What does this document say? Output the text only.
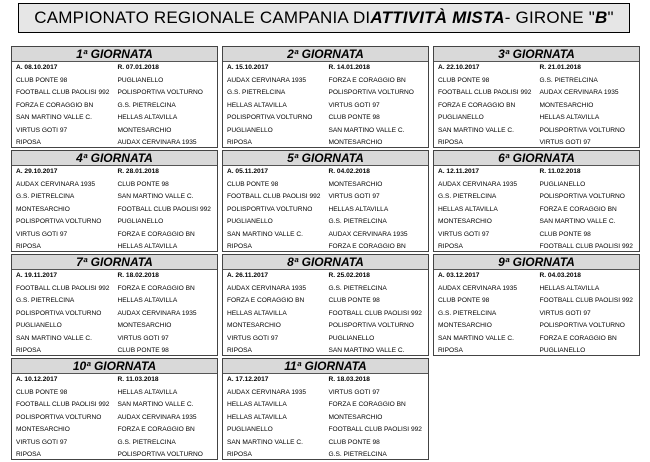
CAMPIONATO REGIONALE CAMPANIA DI ATTIVITÀ MISTA - GIRONE " B "
1ª GIORNATA
A. 08.10.2017	R. 07.01.2018
CLUB PONTE 98	PUGLIANELLO
FOOTBALL CLUB PAOLISI 992	POLISPORTIVA VOLTURNO
FORZA E CORAGGIO BN	G.S. PIETRELCINA
SAN MARTINO VALLE C.	HELLAS ALTAVILLA
VIRTUS GOTI 97	MONTESARCHIO
RIPOSA	AUDAX CERVINARA 1935
2ª GIORNATA
A. 15.10.2017	R. 14.01.2018
AUDAX CERVINARA 1935	FORZA E CORAGGIO BN
G.S. PIETRELCINA	POLISPORTIVA VOLTURNO
HELLAS ALTAVILLA	VIRTUS GOTI 97
POLISPORTIVA VOLTURNO	CLUB PONTE 98
PUGLIANELLO	SAN MARTINO VALLE C.
RIPOSA	MONTESARCHIO
3ª GIORNATA
A. 22.10.2017	R. 21.01.2018
CLUB PONTE 98	G.S. PIETRELCINA
FOOTBALL CLUB PAOLISI 992	AUDAX CERVINARA 1935
FORZA E CORAGGIO BN	MONTESARCHIO
PUGLIANELLO	HELLAS ALTAVILLA
SAN MARTINO VALLE C.	POLISPORTIVA VOLTURNO
RIPOSA	VIRTUS GOTI 97
4ª GIORNATA
A. 29.10.2017	R. 28.01.2018
AUDAX CERVINARA 1935	CLUB PONTE 98
G.S. PIETRELCINA	SAN MARTINO VALLE C.
MONTESARCHIO	FOOTBALL CLUB PAOLISI 992
POLISPORTIVA VOLTURNO	PUGLIANELLO
VIRTUS GOTI 97	FORZA E CORAGGIO BN
RIPOSA	HELLAS ALTAVILLA
5ª GIORNATA
A. 05.11.2017	R. 04.02.2018
CLUB PONTE 98	MONTESARCHIO
FOOTBALL CLUB PAOLISI 992	VIRTUS GOTI 97
POLISPORTIVA VOLTURNO	HELLAS ALTAVILLA
PUGLIANELLO	G.S. PIETRELCINA
SAN MARTINO VALLE C.	AUDAX CERVINARA 1935
RIPOSA	FORZA E CORAGGIO BN
6ª GIORNATA
A. 12.11.2017	R. 11.02.2018
AUDAX CERVINARA 1935	PUGLIANELLO
G.S. PIETRELCINA	POLISPORTIVA VOLTURNO
HELLAS ALTAVILLA	FORZA E CORAGGIO BN
MONTESARCHIO	SAN MARTINO VALLE C.
VIRTUS GOTI 97	CLUB PONTE 98
RIPOSA	FOOTBALL CLUB PAOLISI 992
7ª GIORNATA
A. 19.11.2017	R. 18.02.2018
FOOTBALL CLUB PAOLISI 992	FORZA E CORAGGIO BN
G.S. PIETRELCINA	HELLAS ALTAVILLA
POLISPORTIVA VOLTURNO	AUDAX CERVINARA 1935
PUGLIANELLO	MONTESARCHIO
SAN MARTINO VALLE C.	VIRTUS GOTI 97
RIPOSA	CLUB PONTE 98
8ª GIORNATA
A. 26.11.2017	R. 25.02.2018
AUDAX CERVINARA 1935	G.S. PIETRELCINA
FORZA E CORAGGIO BN	CLUB PONTE 98
HELLAS ALTAVILLA	FOOTBALL CLUB PAOLISI 992
MONTESARCHIO	POLISPORTIVA VOLTURNO
VIRTUS GOTI 97	PUGLIANELLO
RIPOSA	SAN MARTINO VALLE C.
9ª GIORNATA
A. 03.12.2017	R. 04.03.2018
AUDAX CERVINARA 1935	HELLAS ALTAVILLA
CLUB PONTE 98	FOOTBALL CLUB PAOLISI 992
G.S. PIETRELCINA	VIRTUS GOTI 97
MONTESARCHIO	POLISPORTIVA VOLTURNO
SAN MARTINO VALLE C.	FORZA E CORAGGIO BN
RIPOSA	PUGLIANELLO
10ª GIORNATA
A. 10.12.2017	R. 11.03.2018
CLUB PONTE 98	HELLAS ALTAVILLA
FOOTBALL CLUB PAOLISI 992	SAN MARTINO VALLE C.
POLISPORTIVA VOLTURNO	AUDAX CERVINARA 1935
MONTESARCHIO	FORZA E CORAGGIO BN
VIRTUS GOTI 97	G.S. PIETRELCINA
RIPOSA	POLISPORTIVA VOLTURNO
11ª GIORNATA
A. 17.12.2017	R. 18.03.2018
AUDAX CERVINARA 1935	VIRTUS GOTI 97
HELLAS ALTAVILLA	FORZA E CORAGGIO BN
HELLAS ALTAVILLA	MONTESARCHIO
PUGLIANELLO	FOOTBALL CLUB PAOLISI 992
SAN MARTINO VALLE C.	CLUB PONTE 98
RIPOSA	G.S. PIETRELCINA
